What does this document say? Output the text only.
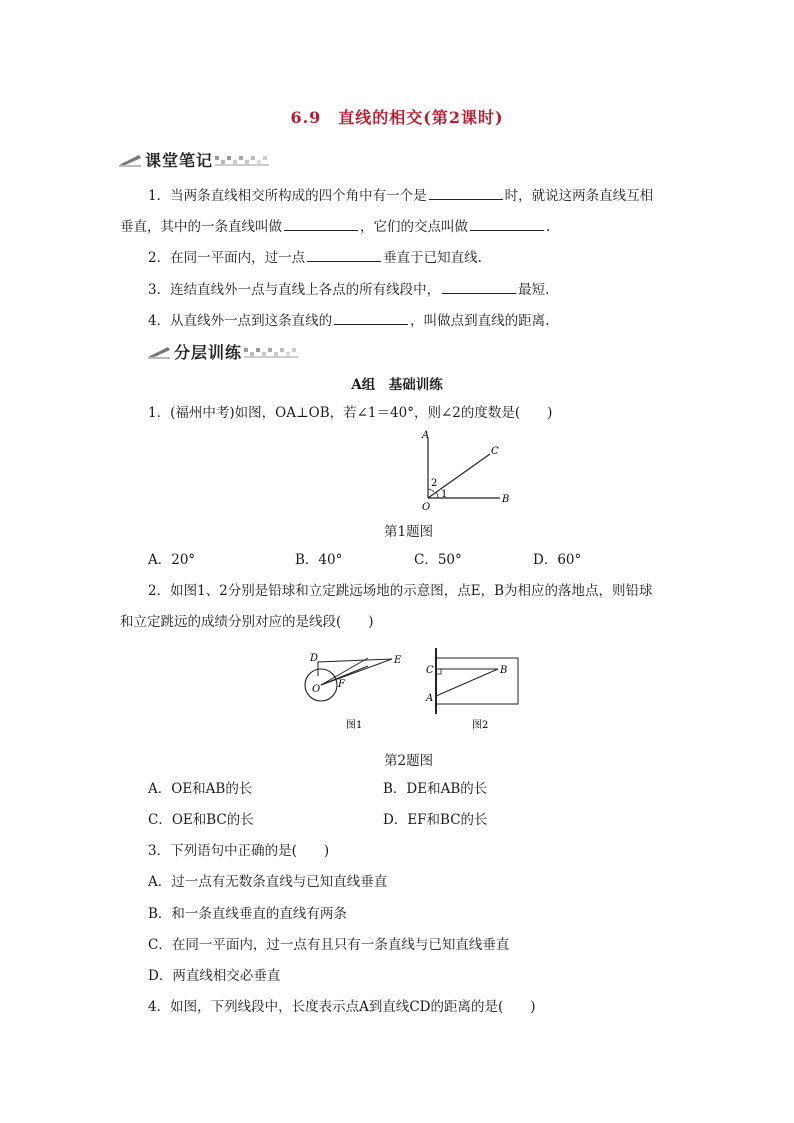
6.9　直线的相交(第2课时)
课堂笔记
1．当两条直线相交所构成的四个角中有一个是	时，就说这两条直线互相
垂直，其中的一条直线叫做	，它们的交点叫做	.
2．在同一平面内，过一点	垂直于已知直线.
3．连结直线外一点与直线上各点的所有线段中，	最短.
4．从直线外一点到这条直线的	，叫做点到直线的距离.
分层训练
A组　基础训练
1．(福州中考)如图，OA⊥OB，若∠1＝40°，则∠2的度数是(　　)
A
C
B
O
1
2
第1题图
A．20°	B．40°	C．50°	D．60°
2．如图1、2分别是铅球和立定跳远场地的示意图，点E，B为相应的落地点，则铅球
和立定跳远的成绩分别对应的是线段(　　)
D	E
O F
图1
C	B
A
图2
第2题图
A．OE和AB的长	B．DE和AB的长
C．OE和BC的长	D．EF和BC的长
3．下列语句中正确的是(　　)
A．过一点有无数条直线与已知直线垂直
B．和一条直线垂直的直线有两条
C．在同一平面内，过一点有且只有一条直线与已知直线垂直
D．两直线相交必垂直
4．如图，下列线段中，长度表示点A到直线CD的距离的是(　　)
